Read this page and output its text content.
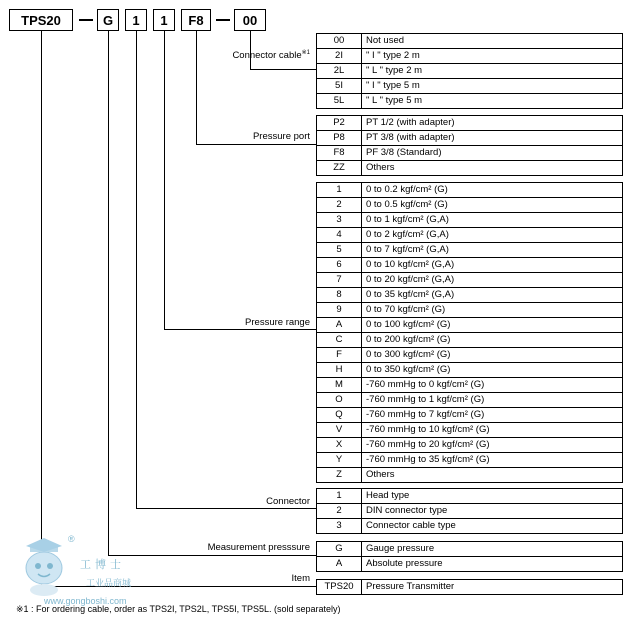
TPS20	G	1	1	F8	00
Connector cable$^{※1}$
Pressure port
Pressure range
Connector
Measurement presssure
Item
00	Not used
2I	" I " type 2 m
2L	" L " type 2 m
5I	" I " type 5 m
5L	" L " type 5 m
P2	PT 1/2 (with adapter)
P8	PT 3/8 (with adapter)
F8	PF 3/8 (Standard)
ZZ	Others
1	0 to 0.2 kgf/cm² (G)
2	0 to 0.5 kgf/cm² (G)
3	0 to 1 kgf/cm² (G,A)
4	0 to 2 kgf/cm² (G,A)
5	0 to 7 kgf/cm² (G,A)
6	0 to 10 kgf/cm² (G,A)
7	0 to 20 kgf/cm² (G,A)
8	0 to 35 kgf/cm² (G,A)
9	0 to 70 kgf/cm² (G)
A	0 to 100 kgf/cm² (G)
C	0 to 200 kgf/cm² (G)
F	0 to 300 kgf/cm² (G)
H	0 to 350 kgf/cm² (G)
M	-760 mmHg to 0 kgf/cm² (G)
O	-760 mmHg to 1 kgf/cm² (G)
Q	-760 mmHg to 7 kgf/cm² (G)
V	-760 mmHg to 10 kgf/cm² (G)
X	-760 mmHg to 20 kgf/cm² (G)
Y	-760 mmHg to 35 kgf/cm² (G)
Z	Others
1	Head type
2	DIN connector type
3	Connector cable type
G	Gauge pressure
A	Absolute pressure
TPS20	Pressure Transmitter
工博士
®
工业品商城
www.gongboshi.com
※1 : For ordering cable, order as TPS2I, TPS2L, TPS5I, TPS5L. (sold separately)
